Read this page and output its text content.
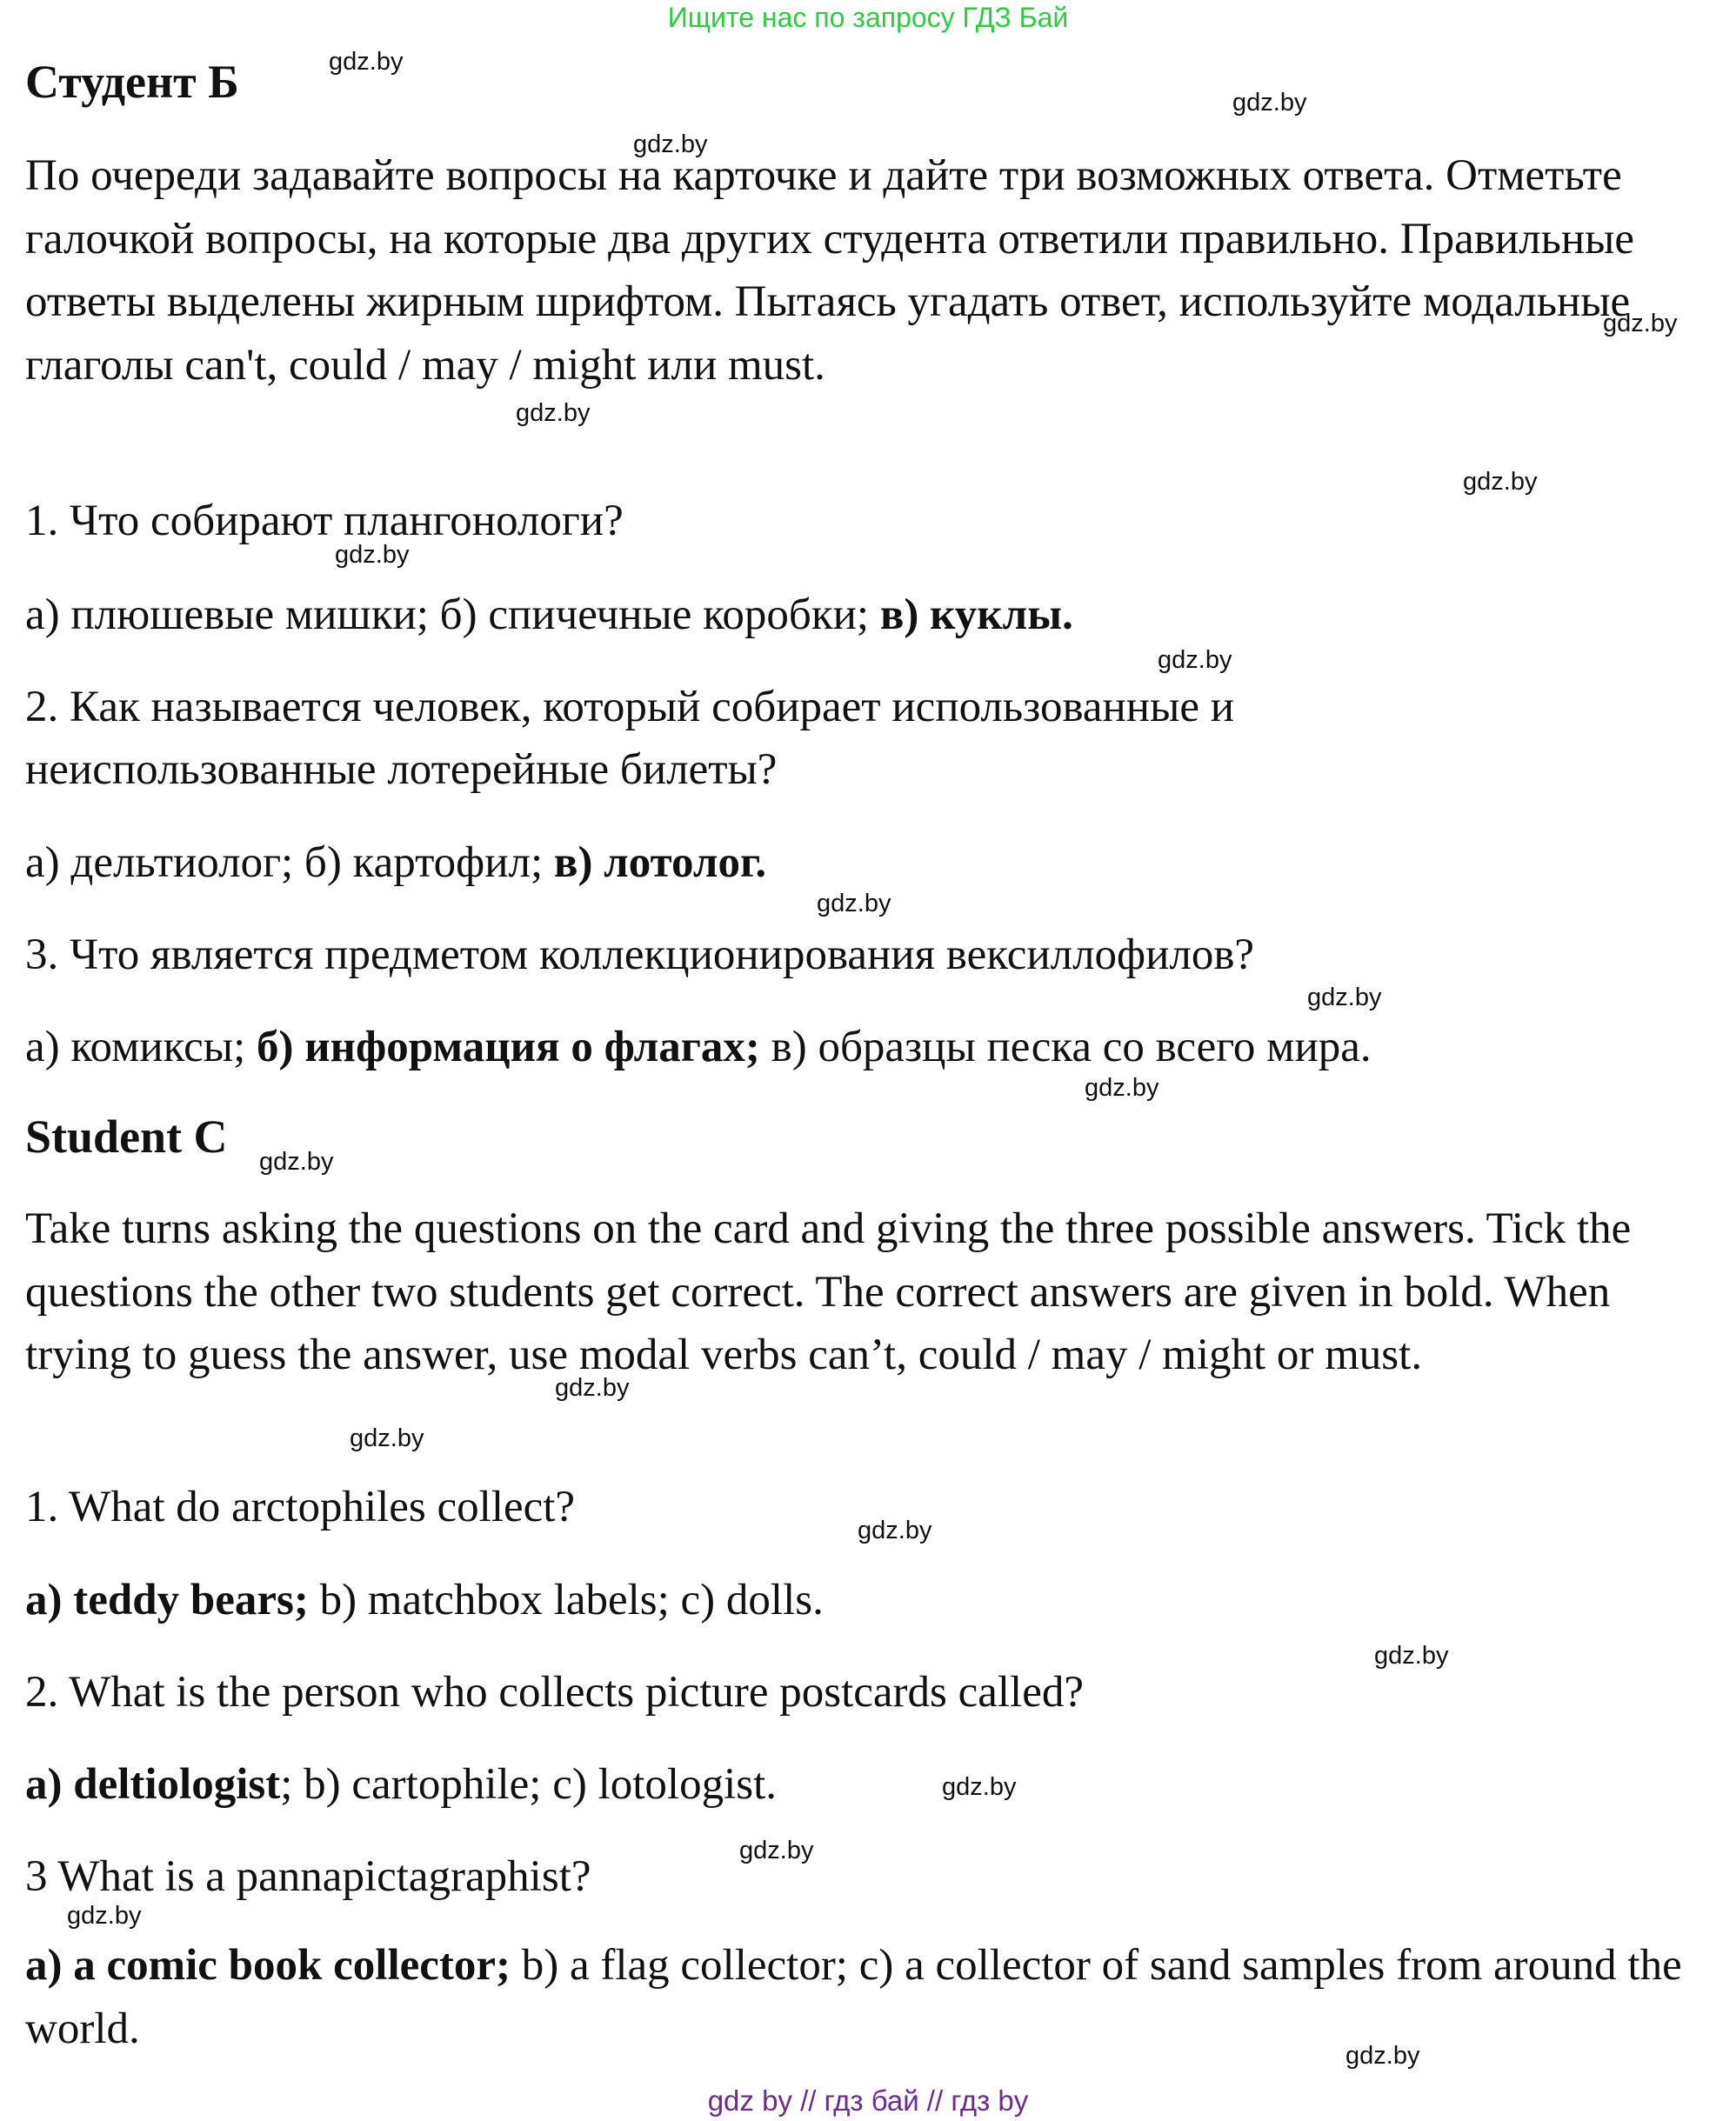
Ищите нас по запросу ГДЗ Бай
Студент Б
По очереди задавайте вопросы на карточке и дайте три возможных ответа. Отметьте галочкой вопросы, на которые два других студента ответили правильно. Правильные ответы выделены жирным шрифтом. Пытаясь угадать ответ, используйте модальные глаголы can't, could / may / might или must.
1. Что собирают плангонологи?
а) плюшевые мишки; б) спичечные коробки; в) куклы.
2. Как называется человек, который собирает использованные и
неиспользованные лотерейные билеты?
а) дельтиолог; б) картофил; в) лотолог.
3. Что является предметом коллекционирования вексиллофилов?
а) комиксы; б) информация о флагах; в) образцы песка со всего мира.
Student C
Take turns asking the questions on the card and giving the three possible answers. Tick the questions the other two students get correct. The correct answers are given in bold. When trying to guess the answer, use modal verbs can’t, could / may / might or must.
1. What do arctophiles collect?
a) teddy bears; b) matchbox labels; c) dolls.
2. What is the person who collects picture postcards called?
a) deltiologist; b) cartophile; c) lotologist.
3 What is a pannapictagraphist?
a) a comic book collector; b) a flag collector; c) a collector of sand samples from around the world.
gdz.by
gdz.by
gdz.by
gdz.by
gdz.by
gdz.by
gdz.by
gdz.by
gdz.by
gdz.by
gdz.by
gdz.by
gdz.by
gdz.by
gdz.by
gdz.by
gdz.by
gdz.by
gdz.by
gdz.by
gdz by // гдз бай // гдз by
